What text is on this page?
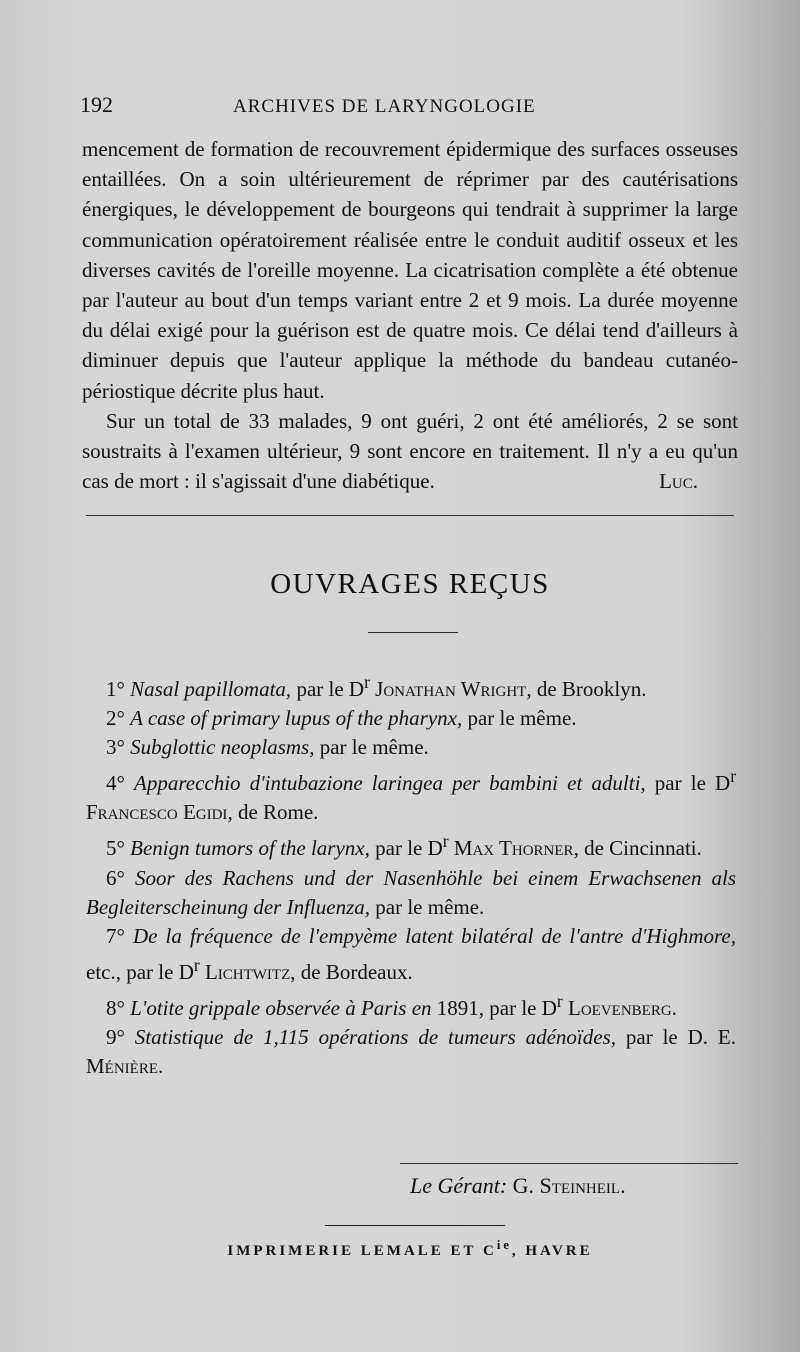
192	ARCHIVES DE LARYNGOLOGIE

mencement de formation de recouvrement épidermique des surfaces osseuses entaillées. On a soin ultérieurement de réprimer par des cautérisations énergiques, le développement de bourgeons qui tendrait à supprimer la large communication opératoirement réalisée entre le conduit auditif osseux et les diverses cavités de l'oreille moyenne. La cicatrisation complète a été obtenue par l'auteur au bout d'un temps variant entre 2 et 9 mois. La durée moyenne du délai exigé pour la guérison est de quatre mois. Ce délai tend d'ailleurs à diminuer depuis que l'auteur applique la méthode du bandeau cutanéo-périostique décrite plus haut.

Sur un total de 33 malades, 9 ont guéri, 2 ont été améliorés, 2 se sont soustraits à l'examen ultérieur, 9 sont encore en traitement. Il n'y a eu qu'un cas de mort : il s'agissait d'une diabétique.	Luc.

OUVRAGES REÇUS

1° Nasal papillomata, par le $D^r$ Jonathan Wright, de Brooklyn.

2° A case of primary lupus of the pharynx, par le même.

3° Subglottic neoplasms, par le même.

4° Apparecchio d'intubazione laringea per bambini et adulti, par le $D^r$ Francesco Egidi, de Rome.

5° Benign tumors of the larynx, par le $D^r$ Max Thorner, de Cincinnati.

6° Soor des Rachens und der Nasenhöhle bei einem Erwachsenen als Begleiterscheinung der Influenza, par le même.

7° De la fréquence de l'empyème latent bilatéral de l'antre d'Highmore, etc., par le $D^r$ Lichtwitz, de Bordeaux.

8° L'otite grippale observée à Paris en 1891, par le $D^r$ Loevenberg.

9° Statistique de 1,115 opérations de tumeurs adénoïdes, par le D. E. Ménière.

Le Gérant: G. Steinheil.
IMPRIMERIE LEMALE ET $C^{ie}$, HAVRE
